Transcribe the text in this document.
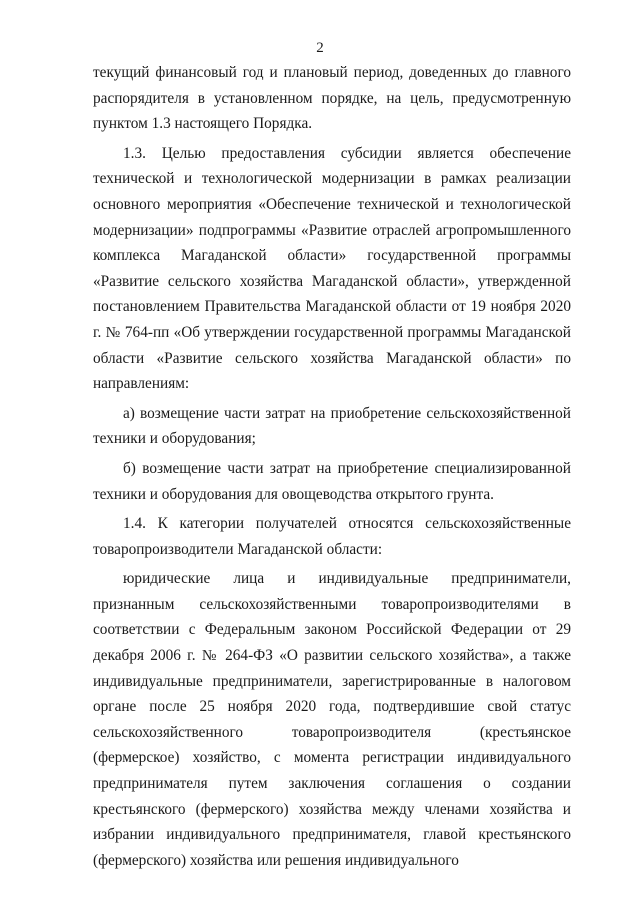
2

текущий финансовый год и плановый период, доведенных до главного распорядителя в установленном порядке, на цель, предусмотренную пунктом 1.3 настоящего Порядка.

1.3. Целью предоставления субсидии является обеспечение технической и технологической модернизации в рамках реализации основного мероприятия «Обеспечение технической и технологической модернизации» подпрограммы «Развитие отраслей агропромышленного комплекса Магаданской области» государственной программы «Развитие сельского хозяйства Магаданской области», утвержденной постановлением Правительства Магаданской области от 19 ноября 2020 г. № 764-пп «Об утверждении государственной программы Магаданской области «Развитие сельского хозяйства Магаданской области» по направлениям:

а) возмещение части затрат на приобретение сельскохозяйственной техники и оборудования;

б) возмещение части затрат на приобретение специализированной техники и оборудования для овощеводства открытого грунта.

1.4. К категории получателей относятся сельскохозяйственные товаропроизводители Магаданской области:

юридические лица и индивидуальные предприниматели, признанным сельскохозяйственными товаропроизводителями в соответствии с Федеральным законом Российской Федерации от 29 декабря 2006 г. № 264-ФЗ «О развитии сельского хозяйства», а также индивидуальные предприниматели, зарегистрированные в налоговом органе после 25 ноября 2020 года, подтвердившие свой статус сельскохозяйственного товаропроизводителя (крестьянское (фермерское) хозяйство, с момента регистрации индивидуального предпринимателя путем заключения соглашения о создании крестьянского (фермерского) хозяйства между членами хозяйства и избрании индивидуального предпринимателя, главой крестьянского (фермерского) хозяйства или решения индивидуального
